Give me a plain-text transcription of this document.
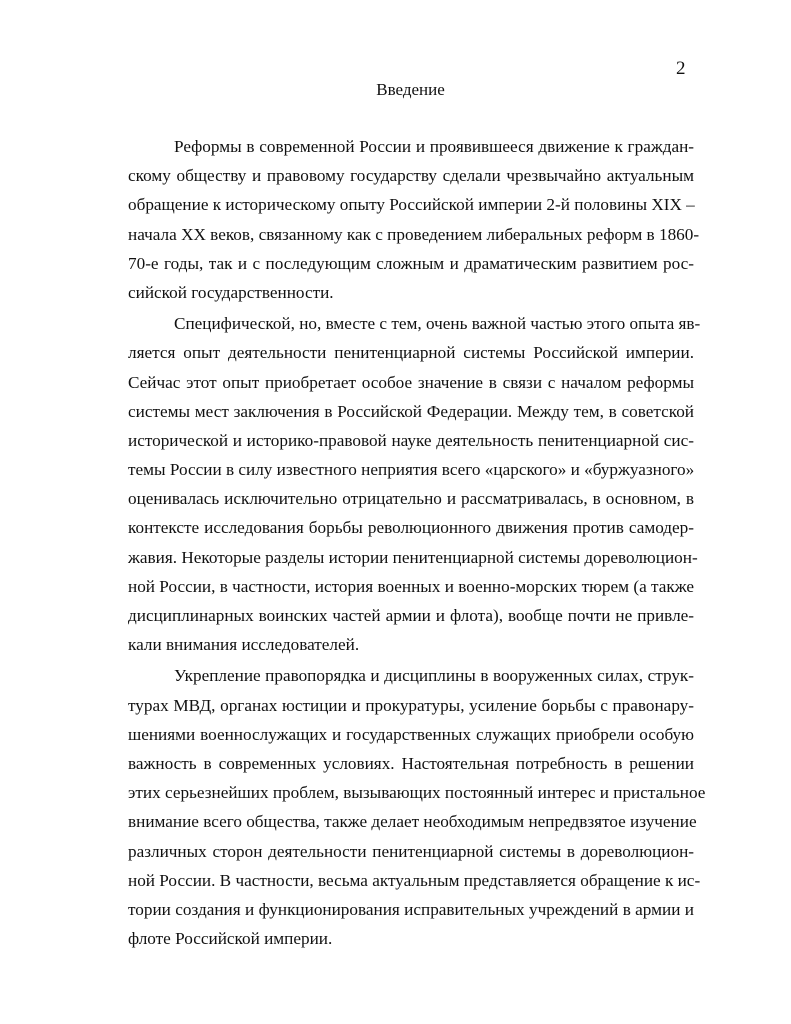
2
Введение
Реформы в современной России и проявившееся движение к граждан-
скому обществу и правовому государству сделали чрезвычайно актуальным
обращение к историческому опыту Российской империи 2-й половины XIX –
начала XX веков, связанному как с проведением либеральных реформ в 1860-
70-е годы, так и с последующим сложным и драматическим развитием рос-
сийской государственности.
Специфической, но, вместе с тем, очень важной частью этого опыта яв-
ляется опыт деятельности пенитенциарной системы Российской империи.
Сейчас этот опыт приобретает особое значение в связи с началом реформы
системы мест заключения в Российской Федерации. Между тем, в советской
исторической и историко-правовой науке деятельность пенитенциарной сис-
темы России в силу известного неприятия всего «царского» и «буржуазного»
оценивалась исключительно отрицательно и рассматривалась, в основном, в
контексте исследования борьбы революционного движения против самодер-
жавия. Некоторые разделы истории пенитенциарной системы дореволюцион-
ной России, в частности, история военных и военно-морских тюрем (а также
дисциплинарных воинских частей армии и флота), вообще почти не привле-
кали внимания исследователей.
Укрепление правопорядка и дисциплины в вооруженных силах, струк-
турах МВД, органах юстиции и прокуратуры, усиление борьбы с правонару-
шениями военнослужащих и государственных служащих приобрели особую
важность в современных условиях. Настоятельная потребность в решении
этих серьезнейших проблем, вызывающих постоянный интерес и пристальное
внимание всего общества, также делает необходимым непредвзятое изучение
различных сторон деятельности пенитенциарной системы в дореволюцион-
ной России. В частности, весьма актуальным представляется обращение к ис-
тории создания и функционирования исправительных учреждений в армии и
флоте Российской империи.
